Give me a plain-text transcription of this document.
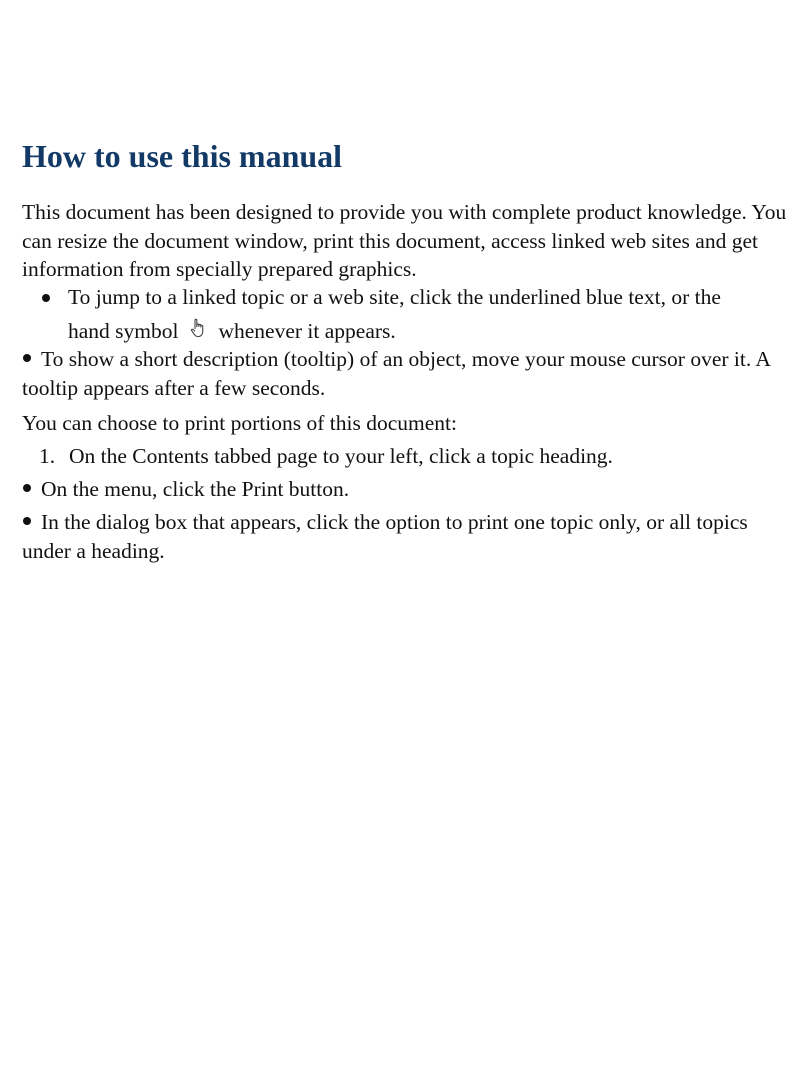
How to use this manual

This document has been designed to provide you with complete product knowledge. You can resize the document window, print this document, access linked web sites and get information from specially prepared graphics.

To jump to a linked topic or a web site, click the underlined blue text, or the
hand symbol whenever it appears.
To show a short description (tooltip) of an object, move your mouse cursor over it. A tooltip appears after a few seconds.

You can choose to print portions of this document:

1. On the Contents tabbed page to your left, click a topic heading.
On the menu, click the Print button.
In the dialog box that appears, click the option to print one topic only, or all topics under a heading.
